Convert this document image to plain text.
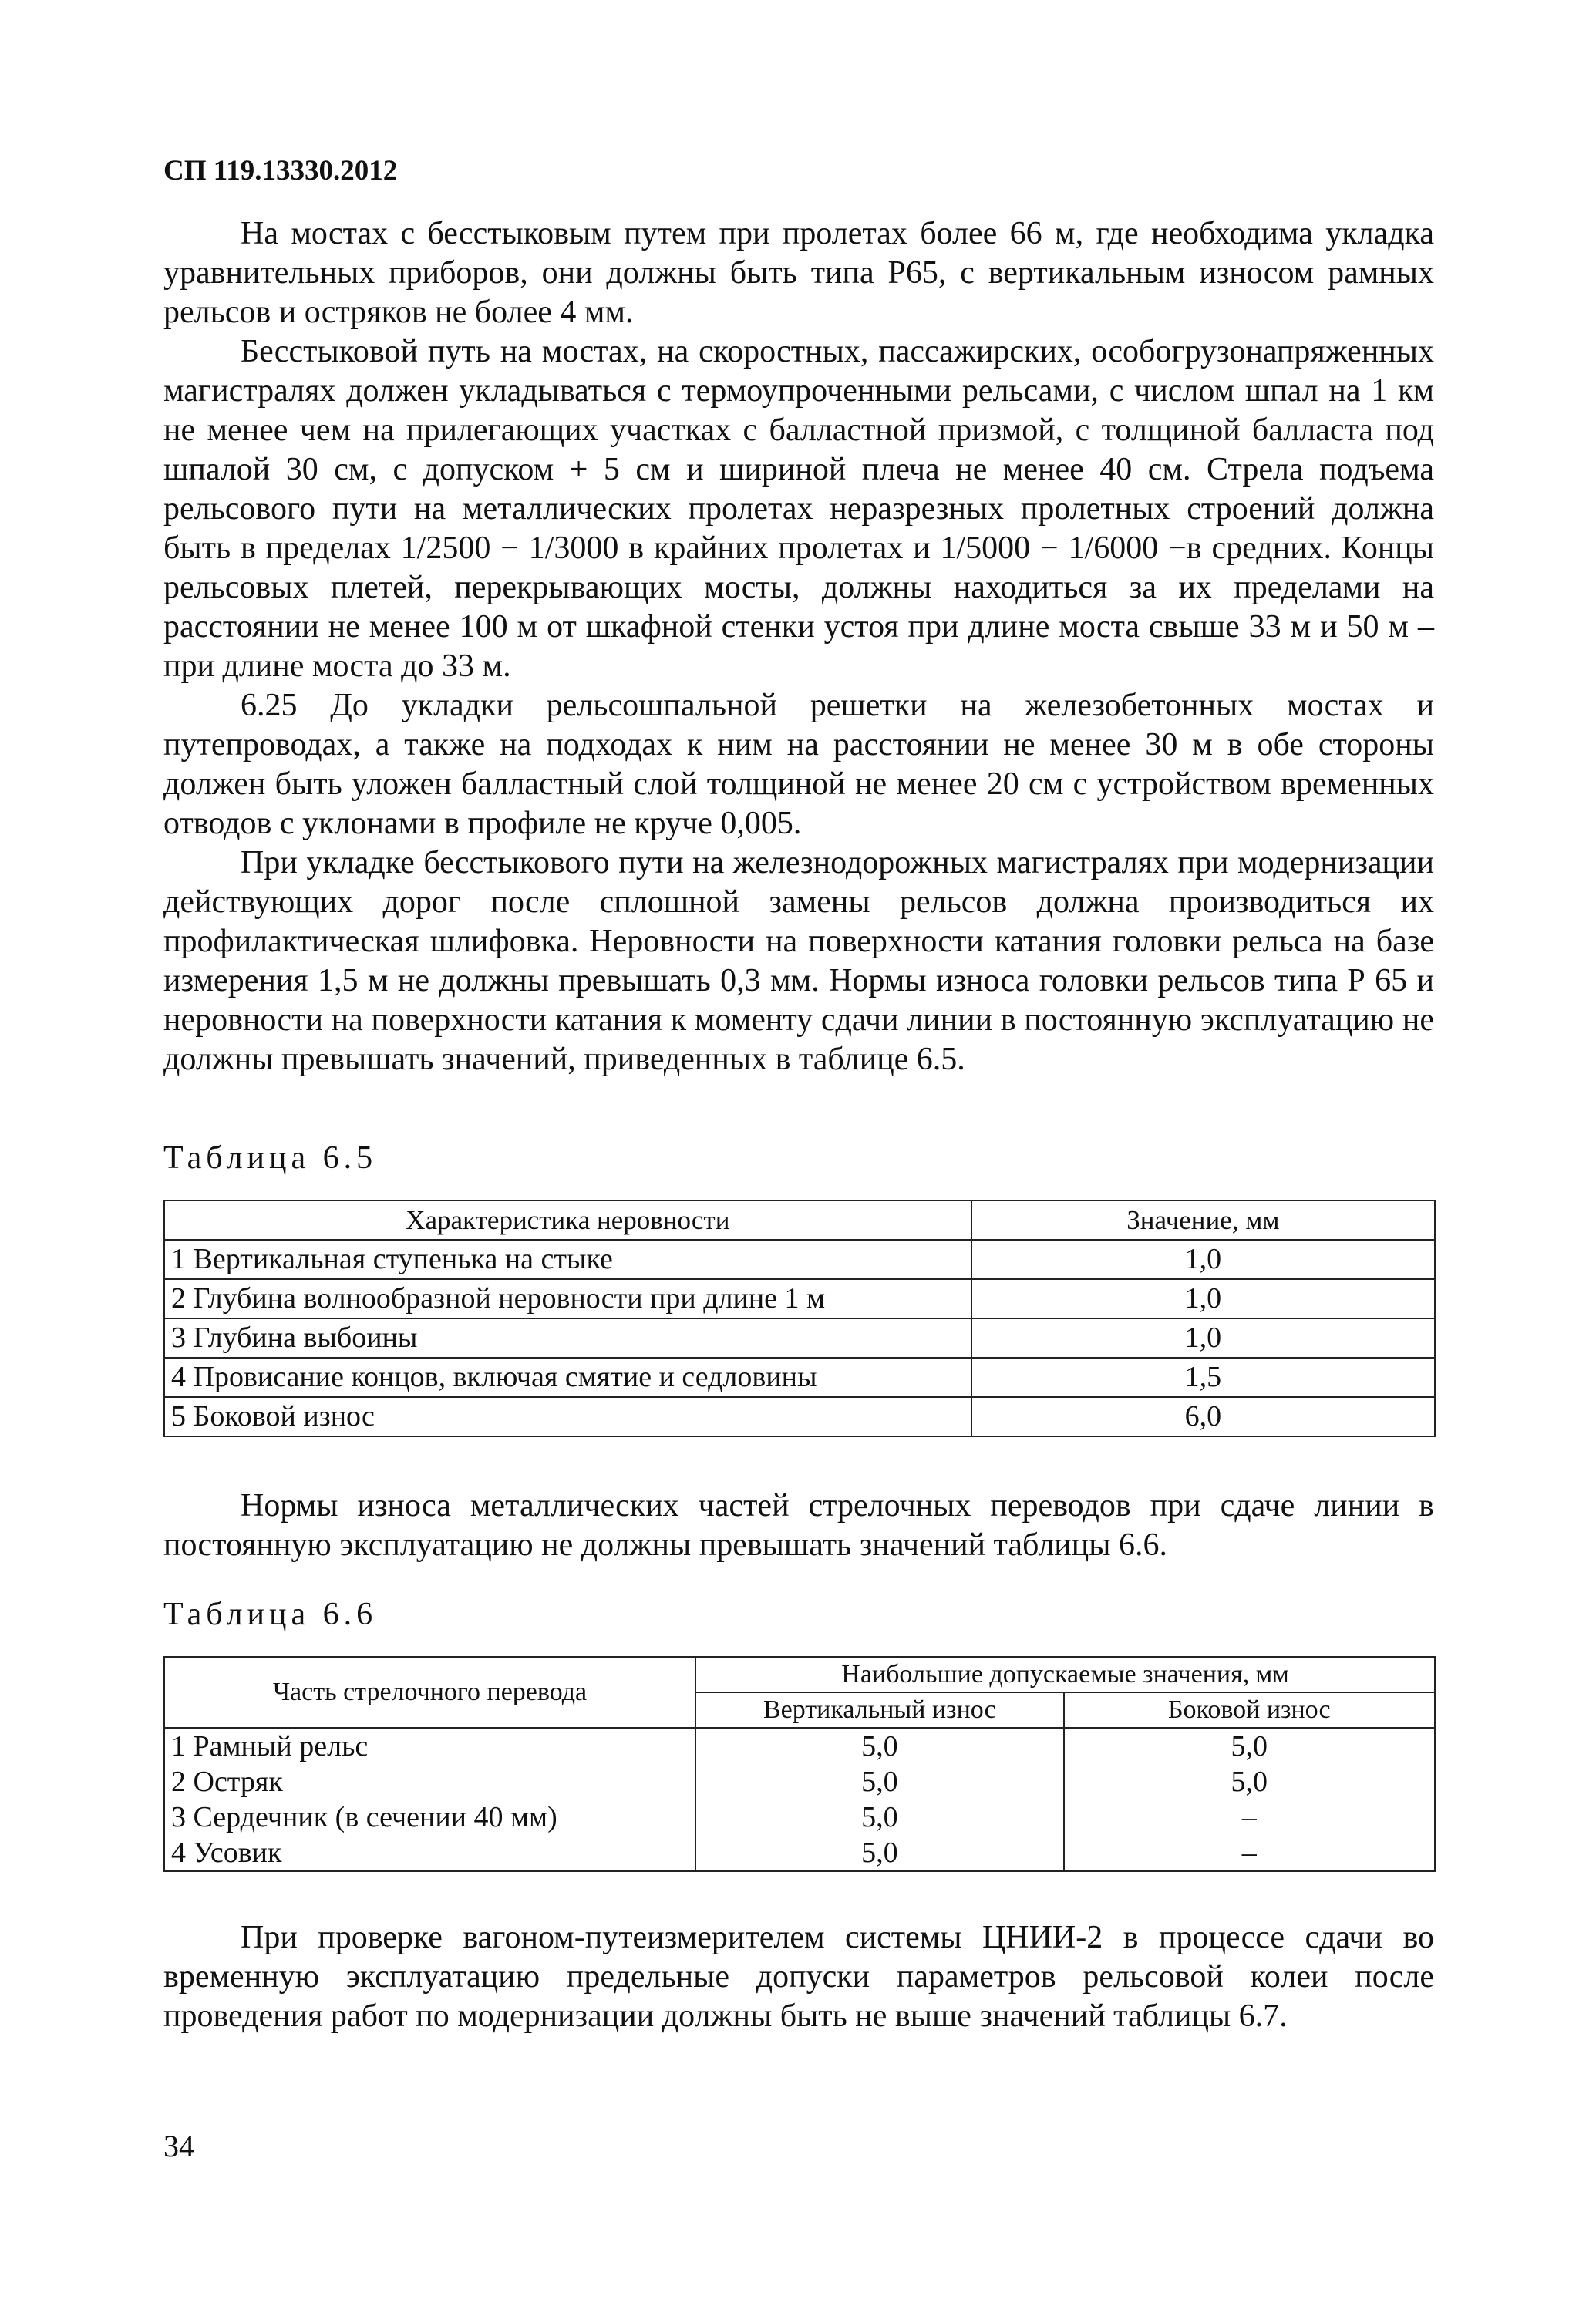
СП 119.13330.2012

На мостах с бесстыковым путем при пролетах более 66 м, где необходима укладка уравнительных приборов, они должны быть типа Р65, с вертикальным износом рамных рельсов и остряков не более 4 мм.

Бесстыковой путь на мостах, на скоростных, пассажирских, особогрузонапряженных магистралях должен укладываться с термоупроченными рельсами, с числом шпал на 1 км не менее чем на прилегающих участках с балластной призмой, с толщиной балласта под шпалой 30 см, с допуском + 5 см и шириной плеча не менее 40 см. Стрела подъема рельсового пути на металлических пролетах неразрезных пролетных строений должна быть в пределах 1/2500 − 1/3000 в крайних пролетах и 1/5000 − 1/6000 −в средних. Концы рельсовых плетей, перекрывающих мосты, должны находиться за их пределами на расстоянии не менее 100 м от шкафной стенки устоя при длине моста свыше 33 м и 50 м – при длине моста до 33 м.

6.25 До укладки рельсошпальной решетки на железобетонных мостах и путепроводах, а также на подходах к ним на расстоянии не менее 30 м в обе стороны должен быть уложен балластный слой толщиной не менее 20 см с устройством временных отводов с уклонами в профиле не круче 0,005.

При укладке бесстыкового пути на железнодорожных магистралях при модернизации действующих дорог после сплошной замены рельсов должна производиться их профилактическая шлифовка. Неровности на поверхности катания головки рельса на базе измерения 1,5 м не должны превышать 0,3 мм. Нормы износа головки рельсов типа Р 65 и неровности на поверхности катания к моменту сдачи линии в постоянную эксплуатацию не должны превышать значений, приведенных в таблице 6.5.

Таблица 6.5
Характеристика неровности	Значение, мм
1 Вертикальная ступенька на стыке	1,0
2 Глубина волнообразной неровности при длине 1 м	1,0
3 Глубина выбоины	1,0
4 Провисание концов, включая смятие и седловины	1,5
5 Боковой износ	6,0

Нормы износа металлических частей стрелочных переводов при сдаче линии в постоянную эксплуатацию не должны превышать значений таблицы 6.6.

Таблица 6.6
Часть стрелочного перевода	Наибольшие допускаемые значения, мм	
	Вертикальный износ	Боковой износ
1 Рамный рельс	5,0	5,0
2 Остряк	5,0	5,0
3 Сердечник (в сечении 40 мм)	5,0	–
4 Усовик	5,0	–

При проверке вагоном-путеизмерителем системы ЦНИИ-2 в процессе сдачи во временную эксплуатацию предельные допуски параметров рельсовой колеи после проведения работ по модернизации должны быть не выше значений таблицы 6.7.

34
